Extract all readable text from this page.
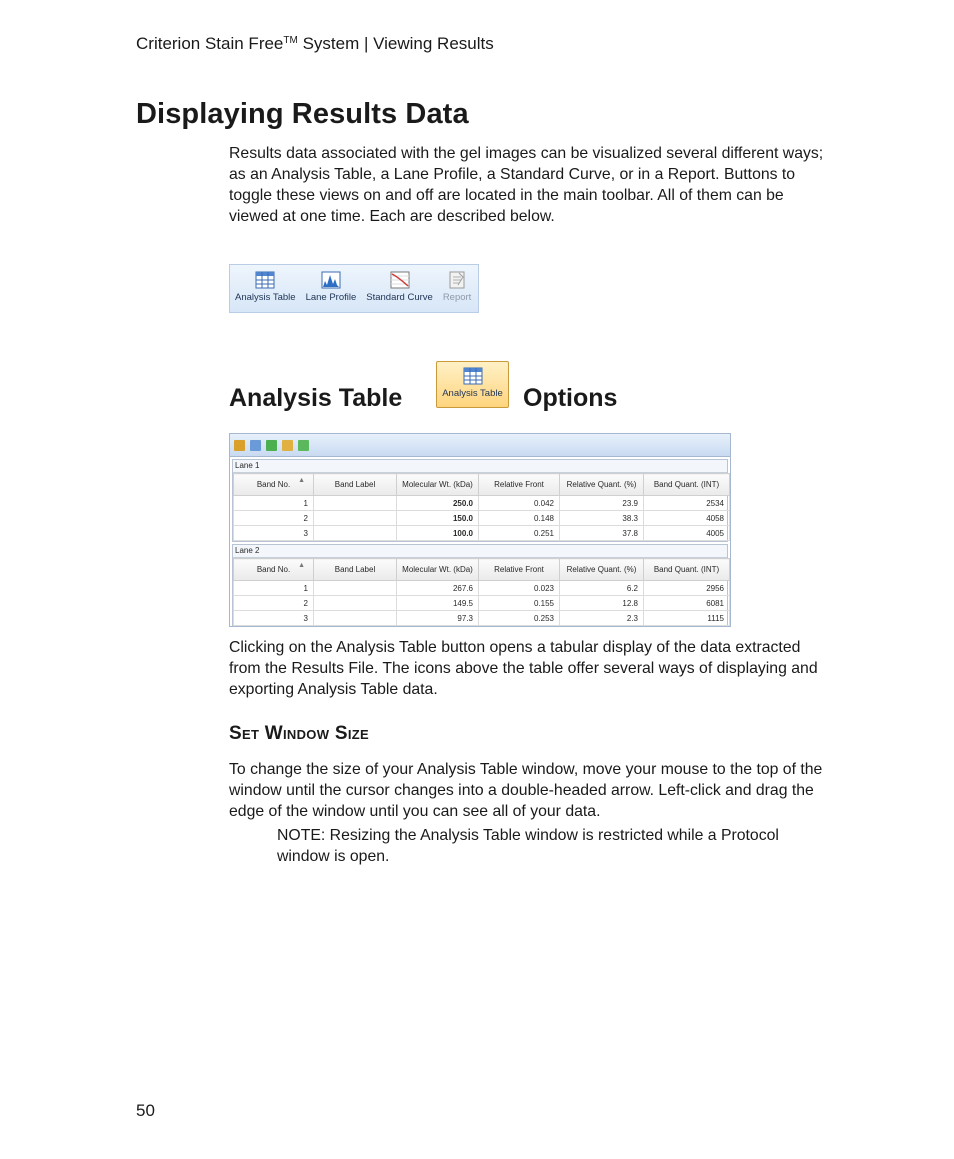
Criterion Stain Free™ System | Viewing Results
Displaying Results Data
Results data associated with the gel images can be visualized several different ways; as an Analysis Table, a Lane Profile, a Standard Curve, or in a Report. Buttons to toggle these views on and off are located in the main toolbar. All of them can be viewed at one time. Each are described below.
Analysis Table Lane Profile Standard Curve Report
Analysis Table	Analysis Table Options
Lane 1
Band No. ▲	Band Label	Molecular Wt. (kDa)	Relative Front	Relative Quant. (%)	Band Quant. (INT)
1		250.0	0.042	23.9	2534
2		150.0	0.148	38.3	4058
3		100.0	0.251	37.8	4005
Lane 2
Band No. ▲	Band Label	Molecular Wt. (kDa)	Relative Front	Relative Quant. (%)	Band Quant. (INT)
1		267.6	0.023	6.2	2956
2		149.5	0.155	12.8	6081
3		97.3	0.253	2.3	1115

Clicking on the Analysis Table button opens a tabular display of the data extracted from the Results File. The icons above the table offer several ways of displaying and exporting Analysis Table data.
Set Window Size
To change the size of your Analysis Table window, move your mouse to the top of the window until the cursor changes into a double-headed arrow. Left-click and drag the edge of the window until you can see all of your data.
NOTE: Resizing the Analysis Table window is restricted while a Protocol window is open.
50
